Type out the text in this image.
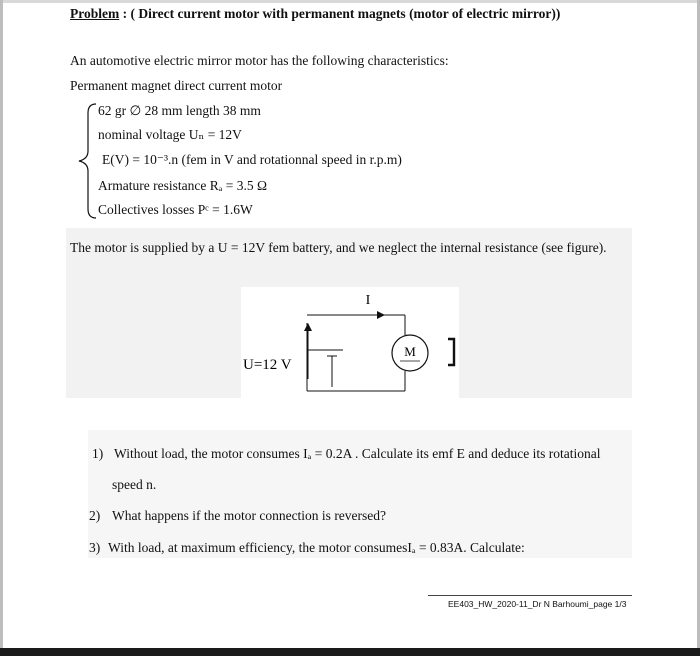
Problem : ( Direct current motor with permanent magnets (motor of electric mirror))
An automotive electric mirror motor has the following characteristics:
Permanent magnet direct current motor
62 gr ∅ 28 mm length 38 mm
nominal voltage Uₙ = 12V
E(V) = 10⁻³.n (fem in V and rotationnal speed in r.p.m)
Armature resistance Rₐ = 3.5 Ω
Collectives losses Pᶜ = 1.6W
The motor is supplied by a U = 12V fem battery, and we neglect the internal resistance (see figure).
I
U=12 V
M
1) Without load, the motor consumes Iₐ = 0.2A . Calculate its emf E and deduce its rotational
speed n.
2) What happens if the motor connection is reversed?
3) With load, at maximum efficiency, the motor consumesIₐ = 0.83A. Calculate:
EE403_HW_2020-11_Dr N Barhoumi_page 1/3
